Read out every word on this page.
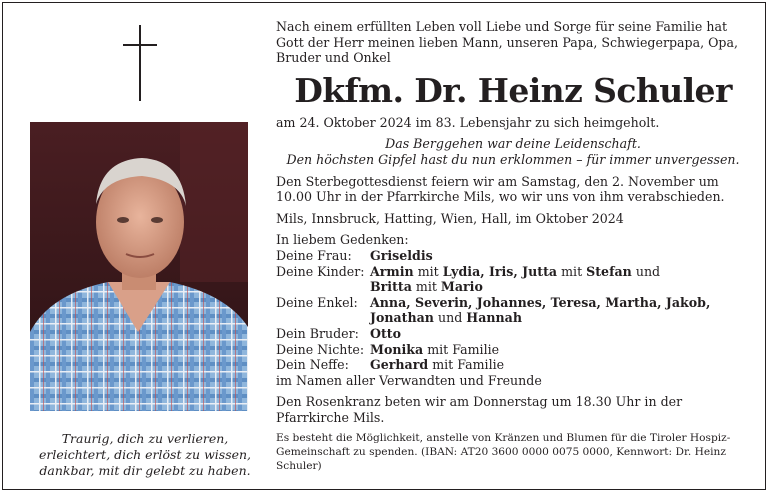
Traurig, dich zu verlieren,
erleichtert, dich erlöst zu wissen,
dankbar, mit dir gelebt zu haben.

Nach einem erfüllten Leben voll Liebe und Sorge für seine Familie hat Gott der Herr meinen lieben Mann, unseren Papa, Schwiegerpapa, Opa, Bruder und Onkel

Dkfm. Dr. Heinz Schuler

am 24. Oktober 2024 im 83. Lebensjahr zu sich heimgeholt.

Das Berggehen war deine Leidenschaft.
Den höchsten Gipfel hast du nun erklommen – für immer unvergessen.

Den Sterbegottesdienst feiern wir am Samstag, den 2. November um 10.00 Uhr in der Pfarrkirche Mils, wo wir uns von ihm verabschieden.

Mils, Innsbruck, Hatting, Wien, Hall, im Oktober 2024

In liebem Gedenken:

Deine Frau:	Griseldis
Deine Kinder: Armin mit Lydia, Iris, Jutta mit Stefan und
Britta mit Mario
Deine Enkel: Anna, Severin, Johannes, Teresa, Martha, Jakob,
Jonathan und Hannah
Dein Bruder: Otto
Deine Nichte: Monika mit Familie
Dein Neffe:	Gerhard mit Familie
im Namen aller Verwandten und Freunde

Den Rosenkranz beten wir am Donnerstag um 18.30 Uhr in der Pfarrkirche Mils.

Es besteht die Möglichkeit, anstelle von Kränzen und Blumen für die Tiroler Hospiz-Gemeinschaft zu spenden. (IBAN: AT20 3600 0000 0075 0000, Kennwort: Dr. Heinz Schuler)
